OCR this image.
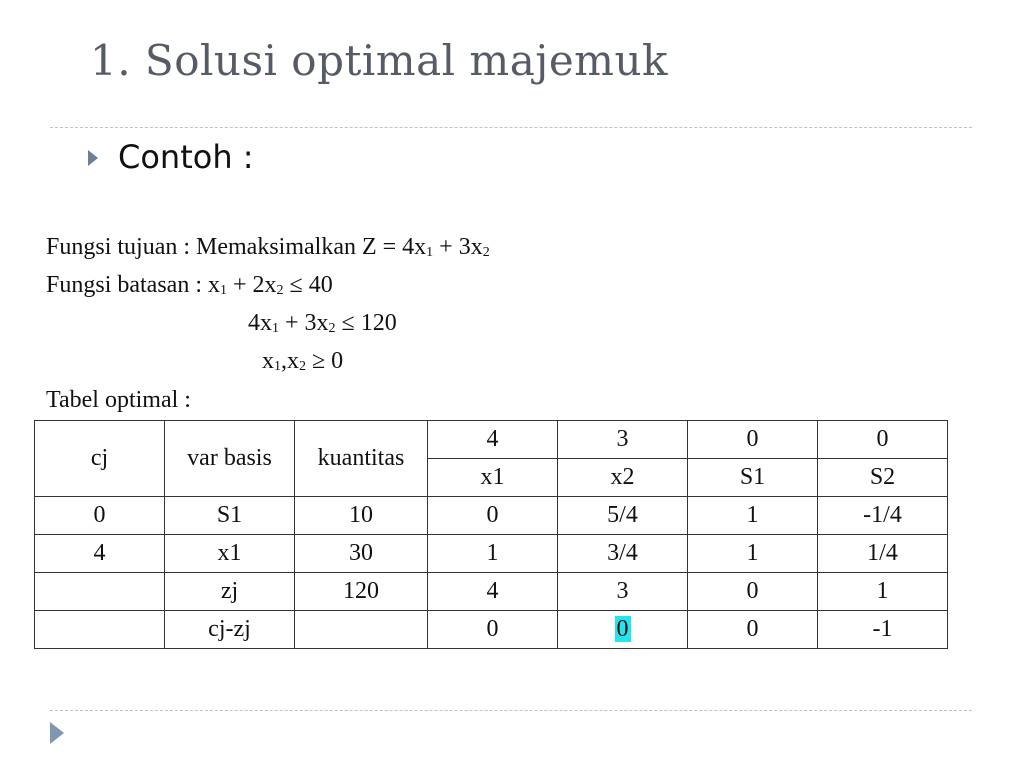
1. Solusi optimal majemuk
Contoh :
Fungsi tujuan : Memaksimalkan $Z = 4x_1 + 3x_2$
Fungsi batasan : $x_1 + 2x_2 \le 40$
$4x_1 + 3x_2 \le 120$
$x_1,x_2 \ge 0$
Tabel optimal :
cj	var basis	kuantitas	4	3	0	0
			x1	x2	S1	S2
0	S1	10	0	5/4	1	-1/4
4	x1	30	1	3/4	1	1/4
	zj	120	4	3	0	1
	cj-zj		0	0	0	-1
